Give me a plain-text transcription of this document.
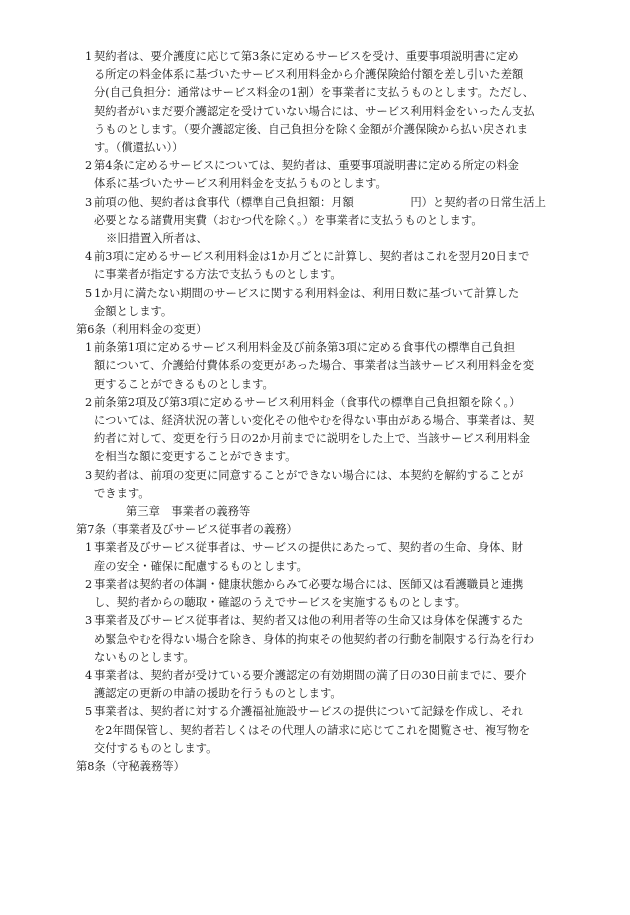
1 契約者は、要介護度に応じて第3条に定めるサービスを受け、重要事項説明書に定め
る所定の料金体系に基づいたサービス利用料金から介護保険給付額を差し引いた差額
分(自己負担分：通常はサービス料金の1割）を事業者に支払うものとします。ただし、
契約者がいまだ要介護認定を受けていない場合には、サービス利用料金をいったん支払
うものとします。（要介護認定後、自己負担分を除く金額が介護保険から払い戻されま
す。（償還払い））
2 第4条に定めるサービスについては、契約者は、重要事項説明書に定める所定の料金
体系に基づいたサービス利用料金を支払うものとします。
3 前項の他、契約者は食事代（標準自己負担額：月額　　　　　円）と契約者の日常生活上
必要となる諸費用実費（おむつ代を除く。）を事業者に支払うものとします。
※旧措置入所者は、
4 前3項に定めるサービス利用料金は1か月ごとに計算し、契約者はこれを翌月20日まで
に事業者が指定する方法で支払うものとします。
5 1か月に満たない期間のサービスに関する利用料金は、利用日数に基づいて計算した
金額とします。
第6条（利用料金の変更）
1 前条第1項に定めるサービス利用料金及び前条第3項に定める食事代の標準自己負担
額について、介護給付費体系の変更があった場合、事業者は当該サービス利用料金を変
更することができるものとします。
2 前条第2項及び第3項に定めるサービス利用料金（食事代の標準自己負担額を除く。）
については、経済状況の著しい変化その他やむを得ない事由がある場合、事業者は、契
約者に対して、変更を行う日の2か月前までに説明をした上で、当該サービス利用料金
を相当な額に変更することができます。
3 契約者は、前項の変更に同意することができない場合には、本契約を解約することが
できます。
第三章　事業者の義務等
第7条（事業者及びサービス従事者の義務）
1 事業者及びサービス従事者は、サービスの提供にあたって、契約者の生命、身体、財
産の安全・確保に配慮するものとします。
2 事業者は契約者の体調・健康状態からみて必要な場合には、医師又は看護職員と連携
し、契約者からの聴取・確認のうえでサービスを実施するものとします。
3 事業者及びサービス従事者は、契約者又は他の利用者等の生命又は身体を保護するた
め緊急やむを得ない場合を除き、身体的拘束その他契約者の行動を制限する行為を行わ
ないものとします。
4 事業者は、契約者が受けている要介護認定の有効期間の満了日の30日前までに、要介
護認定の更新の申請の援助を行うものとします。
5 事業者は、契約者に対する介護福祉施設サービスの提供について記録を作成し、それ
を2年間保管し、契約者若しくはその代理人の請求に応じてこれを閲覧させ、複写物を
交付するものとします。
第8条（守秘義務等）
